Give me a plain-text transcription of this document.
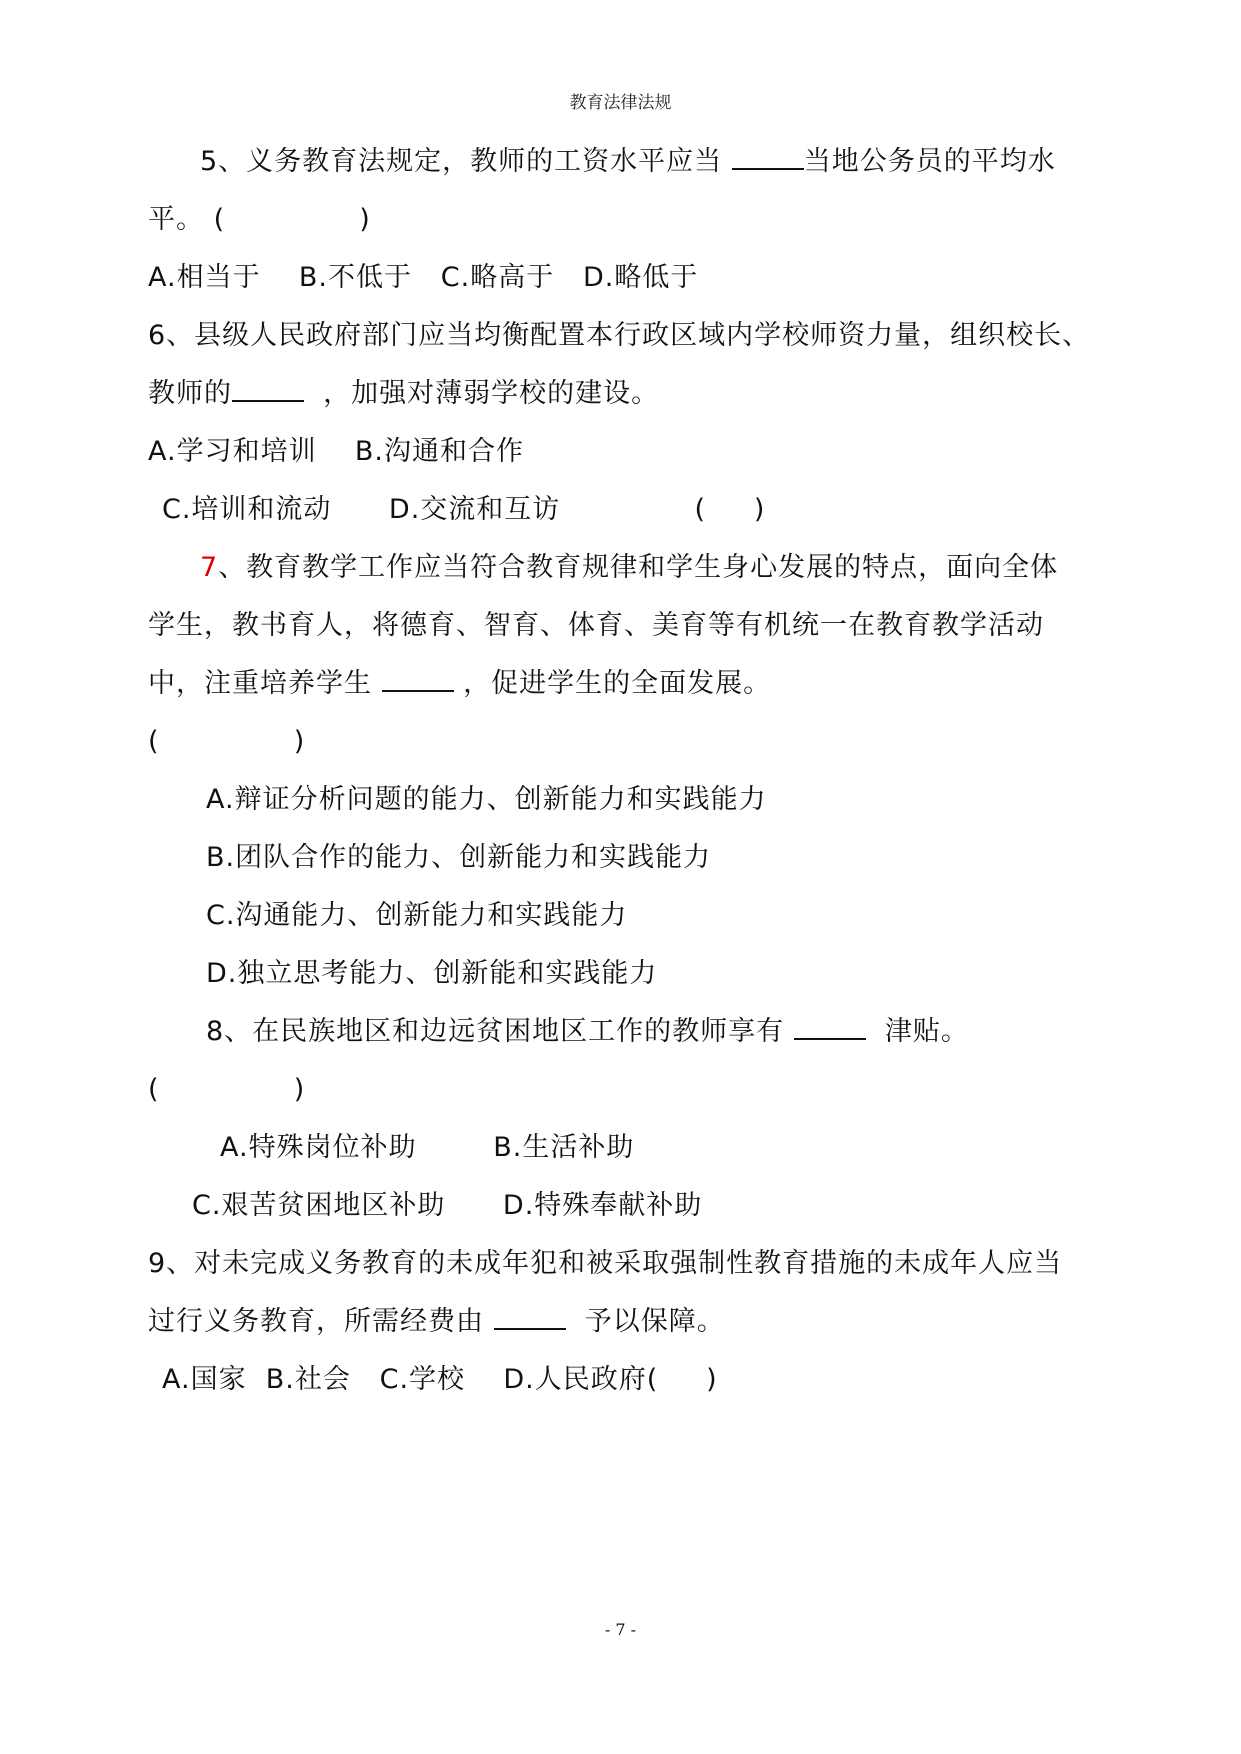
教育法律法规
5、义务教育法规定，教师的工资水平应当	当地公务员的平均水
平。 (              )
A.相当于    B.不低于   C.略高于   D.略低于
6、县级人民政府部门应当均衡配置本行政区域内学校师资力量，组织校长、
教师的	，加强对薄弱学校的建设。
A.学习和培训    B.沟通和合作
C.培训和流动      D.交流和互访              (     )
7、教育教学工作应当符合教育规律和学生身心发展的特点，面向全体
学生，教书育人，将德育、智育、体育、美育等有机统一在教育教学活动
中，注重培养学生	，促进学生的全面发展。
(              )
A.辩证分析问题的能力、创新能力和实践能力
B.团队合作的能力、创新能力和实践能力
C.沟通能力、创新能力和实践能力
D.独立思考能力、创新能和实践能力
8、在民族地区和边远贫困地区工作的教师享有	津贴。
(              )
A.特殊岗位补助        B.生活补助
C.艰苦贫困地区补助      D.特殊奉献补助
9、对未完成义务教育的未成年犯和被采取强制性教育措施的未成年人应当
过行义务教育，所需经费由	予以保障。
A.国家  B.社会   C.学校    D.人民政府(     )
- 7 -
